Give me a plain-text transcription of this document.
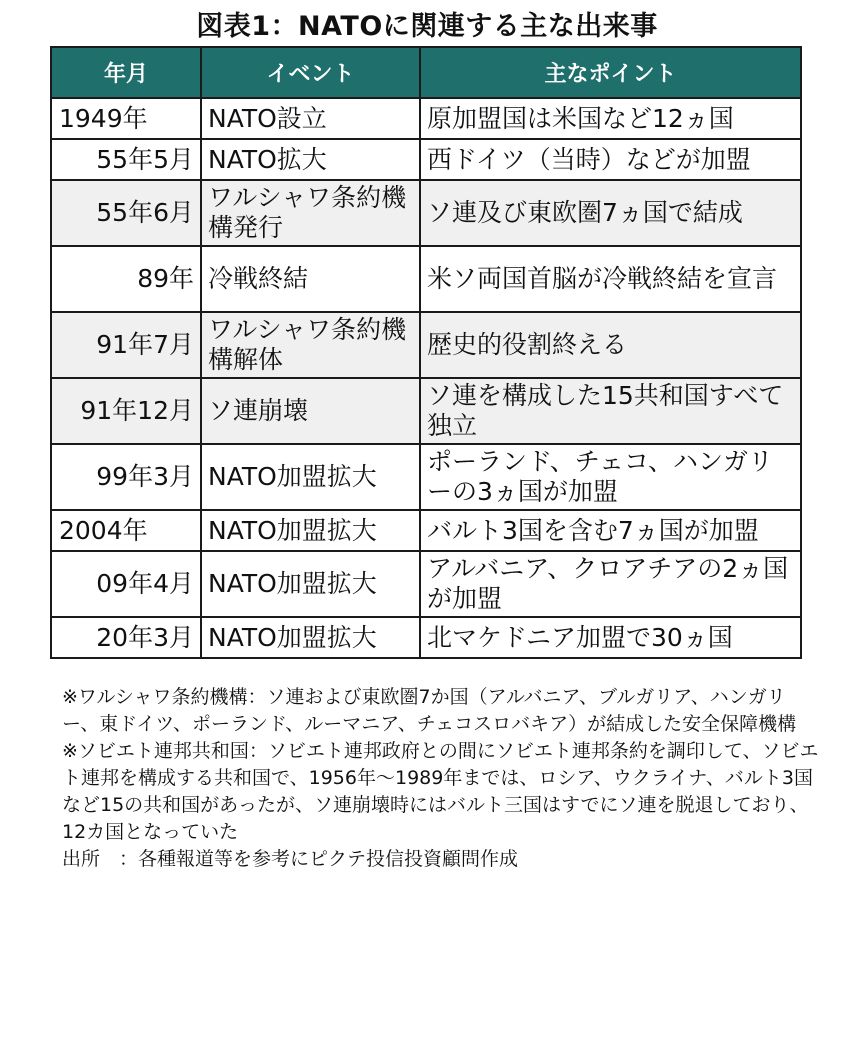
図表1：NATOに関連する主な出来事
年月	イベント	主なポイント
1949年	NATO設立	原加盟国は米国など12ヵ国
55年5月	NATO拡大	西ドイツ（当時）などが加盟
55年6月	ワルシャワ条約機構発行	ソ連及び東欧圏7ヵ国で結成
89年	冷戦終結	米ソ両国首脳が冷戦終結を宣言
91年7月	ワルシャワ条約機構解体	歴史的役割終える
91年12月	ソ連崩壊	ソ連を構成した15共和国すべて独立
99年3月	NATO加盟拡大	ポーランド、チェコ、ハンガリーの3ヵ国が加盟
2004年	NATO加盟拡大	バルト3国を含む7ヵ国が加盟
09年4月	NATO加盟拡大	アルバニア、クロアチアの2ヵ国が加盟
20年3月	NATO加盟拡大	北マケドニア加盟で30ヵ国

※ワルシャワ条約機構：ソ連および東欧圏7か国（アルバニア、ブルガリア、ハンガリー、東ドイツ、ポーランド、ルーマニア、チェコスロバキア）が結成した安全保障機構

※ソビエト連邦共和国：ソビエト連邦政府との間にソビエト連邦条約を調印して、ソビエト連邦を構成する共和国で、1956年～1989年までは、ロシア、ウクライナ、バルト3国など15の共和国があったが、ソ連崩壊時にはバルト三国はすでにソ連を脱退しており、12カ国となっていた

出所　：各種報道等を参考にピクテ投信投資顧問作成
